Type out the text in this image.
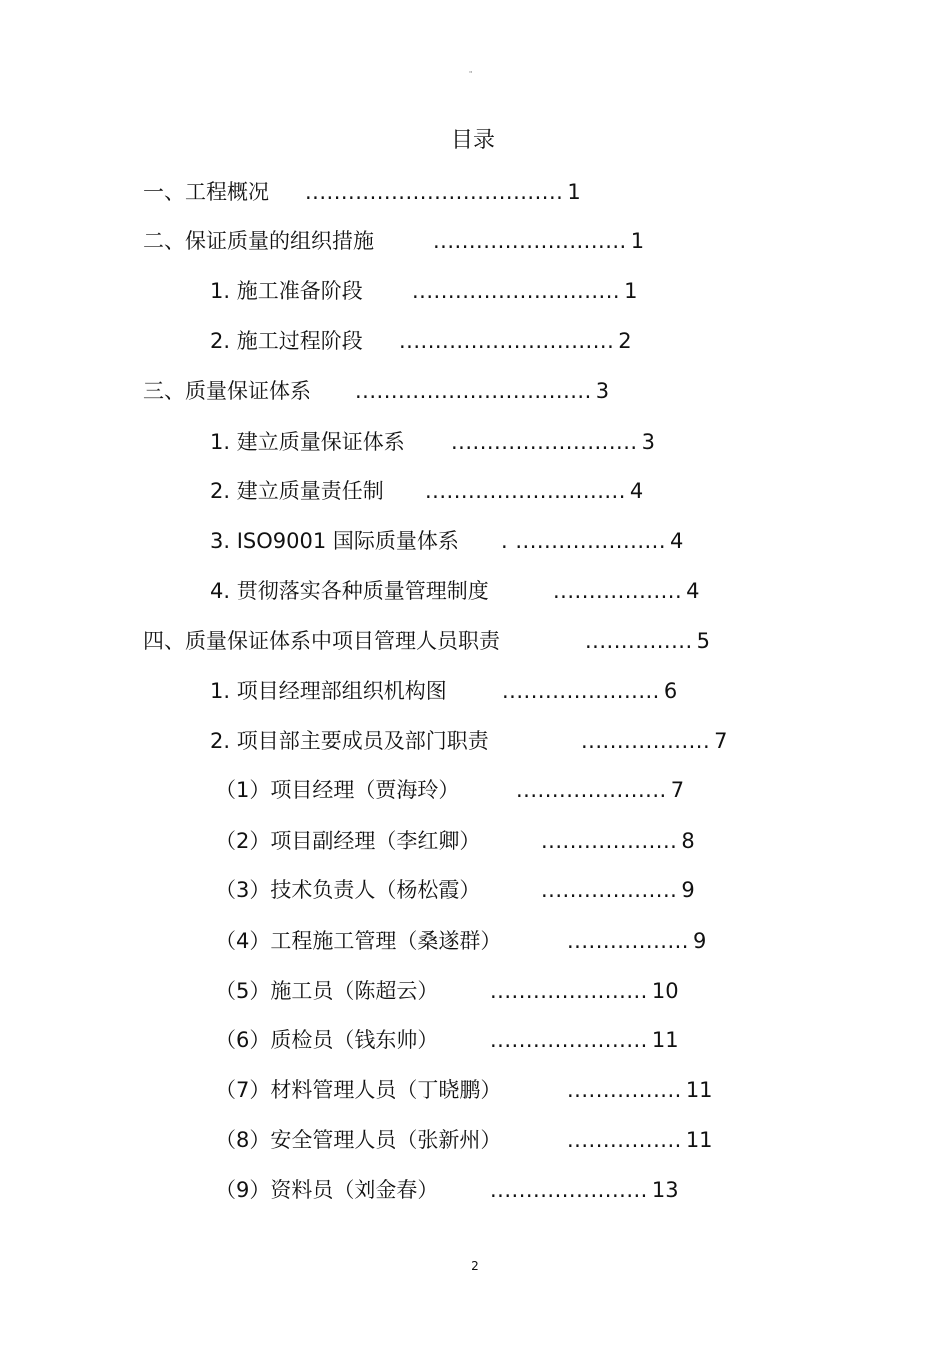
"
目录
一、工程概况	.................................... 1
二、保证质量的组织措施	........................... 1
1. 施工准备阶段	............................. 1
2. 施工过程阶段	.............................. 2
三、质量保证体系	................................. 3
1. 建立质量保证体系	.......................... 3
2. 建立质量责任制	............................ 4
3. ISO9001 国际质量体系	. ..................... 4
4. 贯彻落实各种质量管理制度	.................. 4
四、质量保证体系中项目管理人员职责	............... 5
1. 项目经理部组织机构图	...................... 6
2. 项目部主要成员及部门职责	.................. 7
（1）项目经理（贾海玲）	..................... 7
（2）项目副经理（李红卿）	................... 8
（3）技术负责人（杨松霞）	................... 9
（4）工程施工管理（桑遂群）	................. 9
（5）施工员（陈超云）	...................... 10
（6）质检员（钱东帅）	...................... 11
（7）材料管理人员（丁晓鹏）	................ 11
（8）安全管理人员（张新州）	................ 11
（9）资料员（刘金春）	...................... 13
2
